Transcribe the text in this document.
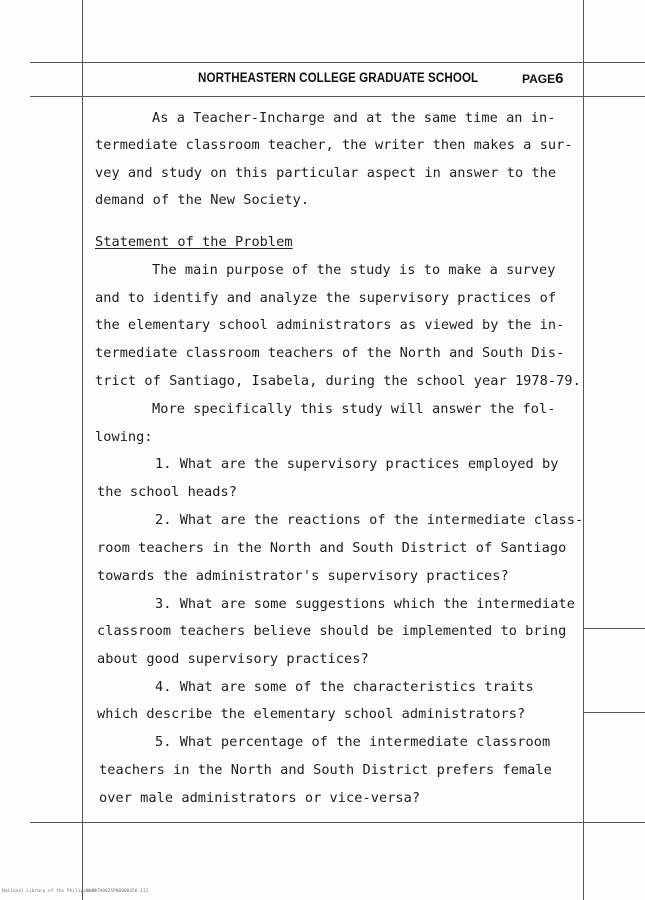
NORTHEASTERN COLLEGE GRADUATE SCHOOL	PAGE6
As a Teacher-Incharge and at the same time an in-
termediate classroom teacher, the writer then makes a sur-
vey and study on this particular aspect in answer to the
demand of the New Society.
Statement of the Problem
The main purpose of the study is to make a survey
and to identify and analyze the supervisory practices of
the elementary school administrators as viewed by the in-
termediate classroom teachers of the North and South Dis-
trict of Santiago, Isabela, during the school year 1978-79.
More specifically this study will answer the fol-
lowing:
1. What are the supervisory practices employed by
the school heads?
2. What are the reactions of the intermediate class-
room teachers in the North and South District of Santiago
towards the administrator's supervisory practices?
3. What are some suggestions which the intermediate
classroom teachers believe should be implemented to bring
about good supervisory practices?
4. What are some of the characteristics traits
which describe the elementary school administrators?
5. What percentage of the intermediate classroom
teachers in the North and South District prefers female
over male administrators or vice-versa?
National Library of the Philippines
NLP0TH0025P00000456 111
